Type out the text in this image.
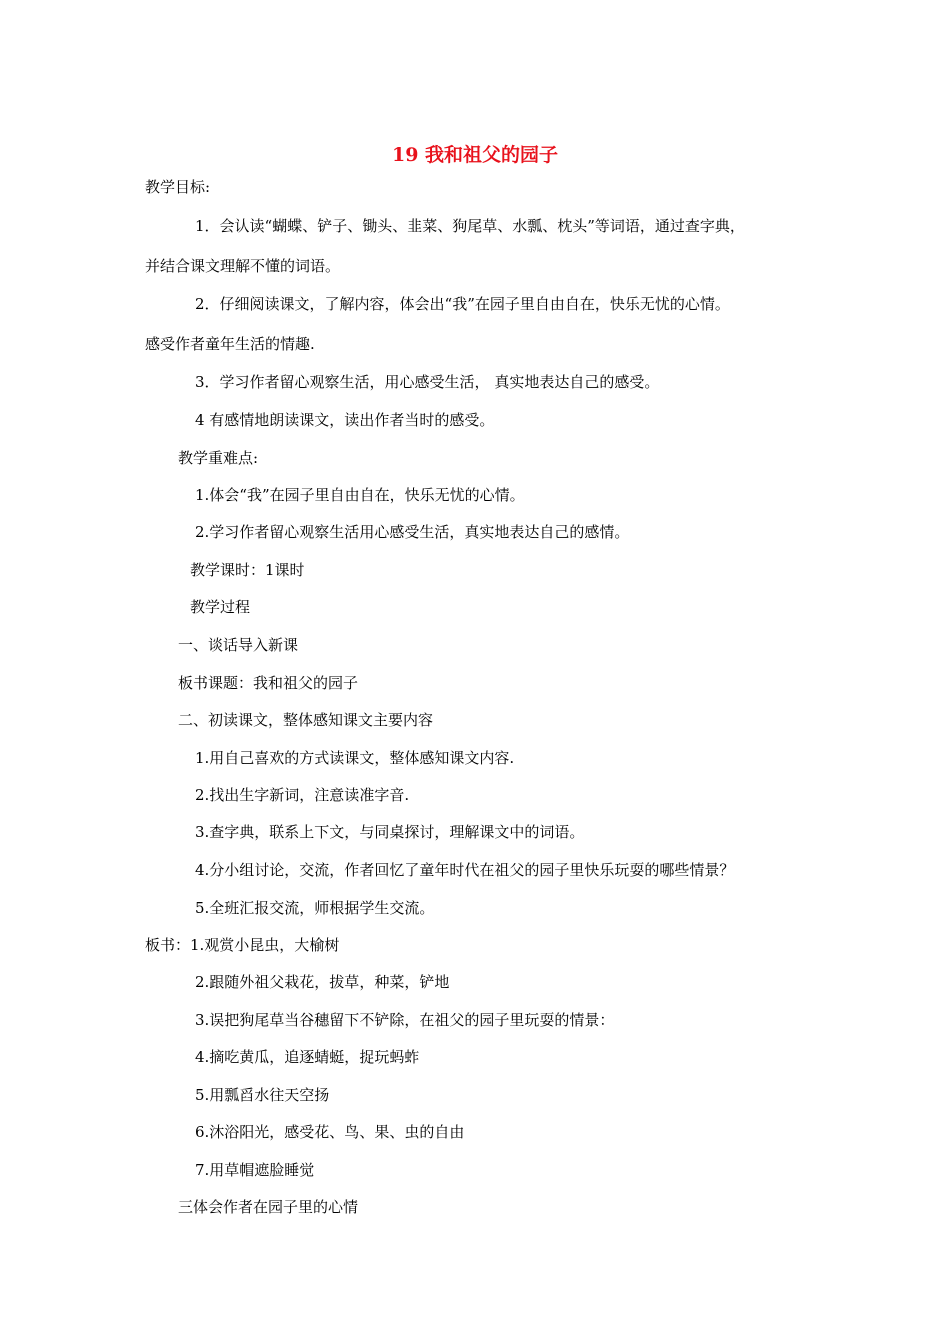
19 我和祖父的园子
教学目标:
1．会认读“蝴蝶、铲子、锄头、韭菜、狗尾草、水瓢、枕头”等词语，通过查字典，
并结合课文理解不懂的词语。
2．仔细阅读课文，了解内容，体会出“我”在园子里自由自在，快乐无忧的心情。
感受作者童年生活的情趣.
3．学习作者留心观察生活，用心感受生活， 真实地表达自己的感受。
4 有感情地朗读课文，读出作者当时的感受。
教学重难点:
1.体会“我”在园子里自由自在，快乐无忧的心情。
2.学习作者留心观察生活用心感受生活，真实地表达自己的感情。
教学课时：1课时
教学过程
一、谈话导入新课
板书课题：我和祖父的园子
二、初读课文，整体感知课文主要内容
1.用自己喜欢的方式读课文，整体感知课文内容.
2.找出生字新词，注意读准字音.
3.查字典，联系上下文，与同桌探讨，理解课文中的词语。
4.分小组讨论，交流，作者回忆了童年时代在祖父的园子里快乐玩耍的哪些情景？
5.全班汇报交流，师根据学生交流。
板书：1.观赏小昆虫，大榆树
2.跟随外祖父栽花，拔草，种菜，铲地
3.误把狗尾草当谷穗留下不铲除，在祖父的园子里玩耍的情景：
4.摘吃黄瓜，追逐蜻蜓，捉玩蚂蚱
5.用瓢舀水往天空扬
6.沐浴阳光，感受花、鸟、果、虫的自由
7.用草帽遮脸睡觉
三体会作者在园子里的心情
